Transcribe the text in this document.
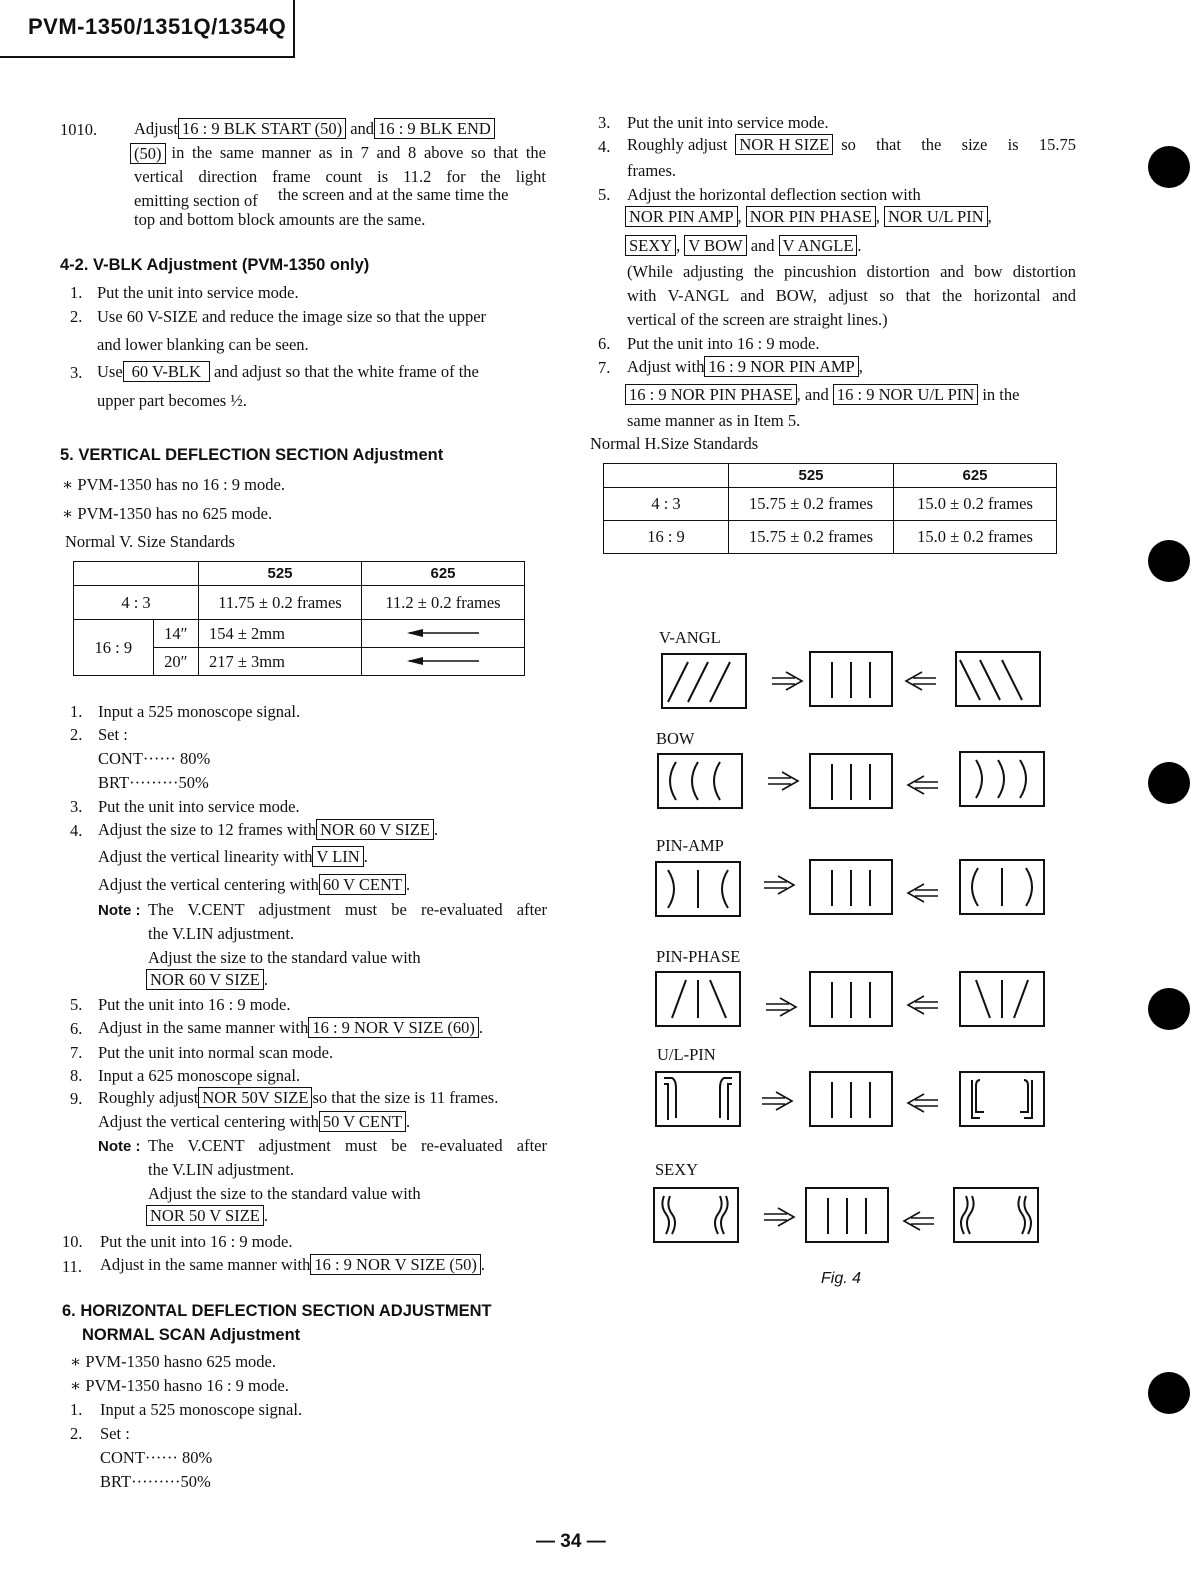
PVM-1350/1351Q/1354Q
1010. Adjust 16 : 9 BLK START (50) and 16 : 9 BLK END
(50) in the same manner as in 7 and 8 above so that the
vertical direction frame count is 11.2 for the light
emitting section of the screen and at the same time the
top and bottom block amounts are the same.
4-2. V-BLK Adjustment (PVM-1350 only)
1. Put the unit into service mode.
2. Use 60 V-SIZE and reduce the image size so that the upper
and lower blanking can be seen.
3. Use 60 V-BLK and adjust so that the white frame of the
upper part becomes ½.
5. VERTICAL DEFLECTION SECTION Adjustment
∗ PVM-1350 has no 16 : 9 mode.
∗ PVM-1350 has no 625 mode.
Normal V. Size Standards
		525	625
4 : 3		11.75 ± 0.2 frames	11.2 ± 0.2 frames
16 : 9	14″	154 ± 2mm	
	20″	217 ± 3mm	
1. Input a 525 monoscope signal.
2. Set :
CONT······ 80%
BRT·········50%
3. Put the unit into service mode.
4. Adjust the size to 12 frames with NOR 60 V SIZE .
Adjust the vertical linearity with V LIN .
Adjust the vertical centering with 60 V CENT .
Note : The V.CENT adjustment must be re-evaluated after
the V.LIN adjustment.
Adjust the size to the standard value with
NOR 60 V SIZE .
5. Put the unit into 16 : 9 mode.
6. Adjust in the same manner with 16 : 9 NOR V SIZE (60) .
7. Put the unit into normal scan mode.
8. Input a 625 monoscope signal.
9. Roughly adjust NOR 50V SIZE so that the size is 11 frames.
Adjust the vertical centering with 50 V CENT .
Note : The V.CENT adjustment must be re-evaluated after
the V.LIN adjustment.
Adjust the size to the standard value with
NOR 50 V SIZE .
10. Put the unit into 16 : 9 mode.
11. Adjust in the same manner with 16 : 9 NOR V SIZE (50) .
6. HORIZONTAL DEFLECTION SECTION ADJUSTMENT
NORMAL SCAN Adjustment
∗ PVM-1350 hasno 625 mode.
∗ PVM-1350 hasno 16 : 9 mode.
1. Input a 525 monoscope signal.
2. Set :
CONT······ 80%
BRT·········50%
3. Put the unit into service mode.
4. Roughly adjust NOR H SIZE so that the size is 15.75
frames.
5. Adjust the horizontal deflection section with
NOR PIN AMP , NOR PIN PHASE , NOR U/L PIN ,
SEXY , V BOW and V ANGLE .
(While adjusting the pincushion distortion and bow distortion
with V-ANGL and BOW, adjust so that the horizontal and
vertical of the screen are straight lines.)
6. Put the unit into 16 : 9 mode.
7. Adjust with 16 : 9 NOR PIN AMP ,
16 : 9 NOR PIN PHASE , and 16 : 9 NOR U/L PIN in the
same manner as in Item 5.
Normal H.Size Standards
	525	625
4 : 3	15.75 ± 0.2 frames	15.0 ± 0.2 frames
16 : 9	15.75 ± 0.2 frames	15.0 ± 0.2 frames
V-ANGL
BOW
PIN-AMP
PIN-PHASE
U/L-PIN
SEXY
Fig. 4
— 34 —
